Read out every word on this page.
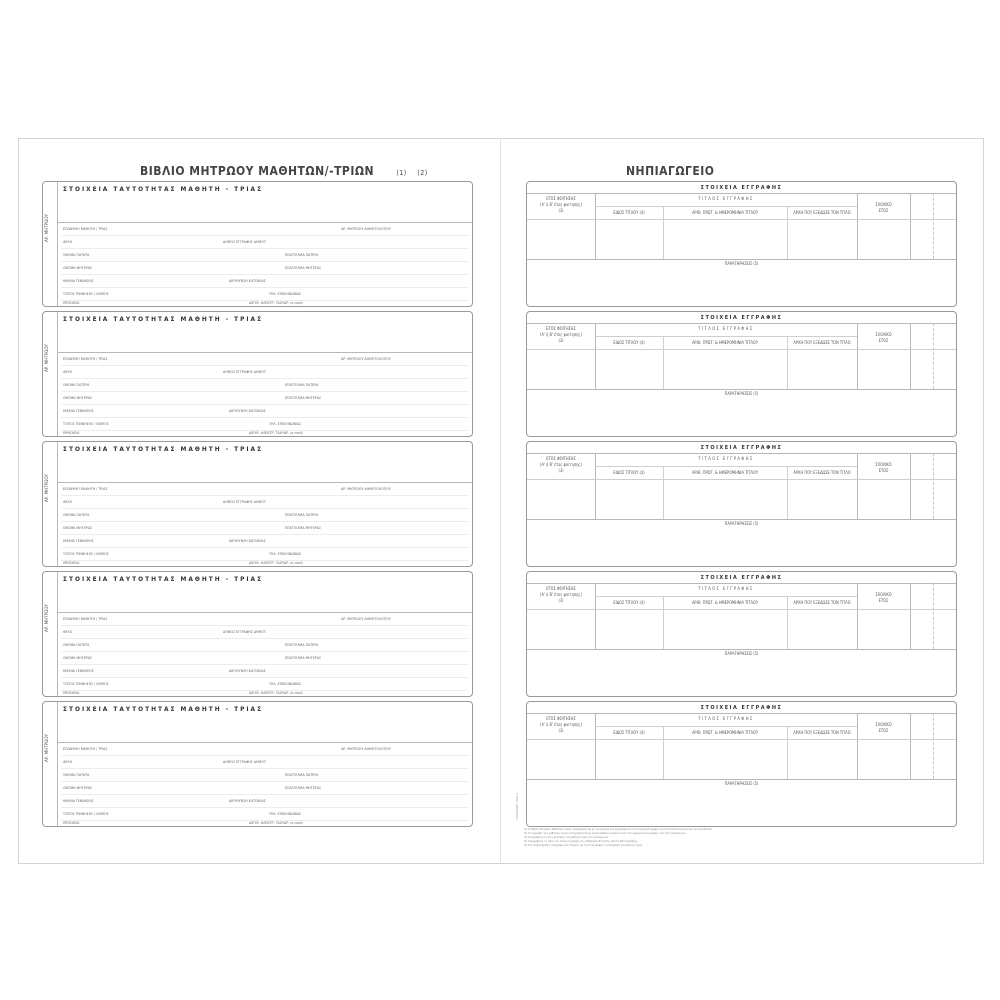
ΒΙΒΛΙΟ ΜΗΤΡΩΟΥ ΜΑΘΗΤΩΝ/-ΤΡΙΩΝ	(1) (2)	ΝΗΠΙΑΓΩΓΕΙΟ
ΑΡ. ΜΗΤΡΩΟΥ
ΣΤΟΙΧΕΙΑ ΤΑΥΤΟΤΗΤΑΣ ΜΑΘΗΤΗ - ΤΡΙΑΣ
ΕΠΩΝΥΜΟ ΜΑΘΗΤΗ / ΤΡΙΑΣ	ΑΡ. ΜΗΤΡΩΟΥ ΔΗΜΟΤΟΛΟΓΙΟΥ
ΦΥΛΟ	ΔΗΜΟΣ ΕΓΓΡΑΦΗΣ ΔΗΜΟΤ.
ΟΝΟΜΑ ΠΑΤΕΡΑ	ΕΠΑΓΓΕΛΜΑ ΠΑΤΕΡΑ
ΟΝΟΜΑ ΜΗΤΕΡΑΣ	ΕΠΑΓΓΕΛΜΑ ΜΗΤΕΡΑΣ
ΗΜ/ΝΙΑ ΓΕΝΝΗΣΗΣ	ΔΙΕΥΘΥΝΣΗ ΚΑΤΟΙΚΙΑΣ
ΤΟΠΟΣ ΓΕΝΝΗΣΗΣ / ΝΟΜΟΣ	ΤΗΛ. ΕΠΙΚΟΙΝΩΝΙΑΣ
ΘΡΗΣΚΕΙΑ	ΔΙΕΥΘ. ΗΛΕΚΤΡ. ΤΑΧΥΔΡ. (e-mail)
ΑΡ. ΜΗΤΡΩΟΥ
ΣΤΟΙΧΕΙΑ ΤΑΥΤΟΤΗΤΑΣ ΜΑΘΗΤΗ - ΤΡΙΑΣ
ΕΠΩΝΥΜΟ ΜΑΘΗΤΗ / ΤΡΙΑΣ	ΑΡ. ΜΗΤΡΩΟΥ ΔΗΜΟΤΟΛΟΓΙΟΥ
ΦΥΛΟ	ΔΗΜΟΣ ΕΓΓΡΑΦΗΣ ΔΗΜΟΤ.
ΟΝΟΜΑ ΠΑΤΕΡΑ	ΕΠΑΓΓΕΛΜΑ ΠΑΤΕΡΑ
ΟΝΟΜΑ ΜΗΤΕΡΑΣ	ΕΠΑΓΓΕΛΜΑ ΜΗΤΕΡΑΣ
ΗΜ/ΝΙΑ ΓΕΝΝΗΣΗΣ	ΔΙΕΥΘΥΝΣΗ ΚΑΤΟΙΚΙΑΣ
ΤΟΠΟΣ ΓΕΝΝΗΣΗΣ / ΝΟΜΟΣ	ΤΗΛ. ΕΠΙΚΟΙΝΩΝΙΑΣ
ΘΡΗΣΚΕΙΑ	ΔΙΕΥΘ. ΗΛΕΚΤΡ. ΤΑΧΥΔΡ. (e-mail)
ΑΡ. ΜΗΤΡΩΟΥ
ΣΤΟΙΧΕΙΑ ΤΑΥΤΟΤΗΤΑΣ ΜΑΘΗΤΗ - ΤΡΙΑΣ
ΕΠΩΝΥΜΟ ΜΑΘΗΤΗ / ΤΡΙΑΣ	ΑΡ. ΜΗΤΡΩΟΥ ΔΗΜΟΤΟΛΟΓΙΟΥ
ΦΥΛΟ	ΔΗΜΟΣ ΕΓΓΡΑΦΗΣ ΔΗΜΟΤ.
ΟΝΟΜΑ ΠΑΤΕΡΑ	ΕΠΑΓΓΕΛΜΑ ΠΑΤΕΡΑ
ΟΝΟΜΑ ΜΗΤΕΡΑΣ	ΕΠΑΓΓΕΛΜΑ ΜΗΤΕΡΑΣ
ΗΜ/ΝΙΑ ΓΕΝΝΗΣΗΣ	ΔΙΕΥΘΥΝΣΗ ΚΑΤΟΙΚΙΑΣ
ΤΟΠΟΣ ΓΕΝΝΗΣΗΣ / ΝΟΜΟΣ	ΤΗΛ. ΕΠΙΚΟΙΝΩΝΙΑΣ
ΘΡΗΣΚΕΙΑ	ΔΙΕΥΘ. ΗΛΕΚΤΡ. ΤΑΧΥΔΡ. (e-mail)
ΑΡ. ΜΗΤΡΩΟΥ
ΣΤΟΙΧΕΙΑ ΤΑΥΤΟΤΗΤΑΣ ΜΑΘΗΤΗ - ΤΡΙΑΣ
ΕΠΩΝΥΜΟ ΜΑΘΗΤΗ / ΤΡΙΑΣ	ΑΡ. ΜΗΤΡΩΟΥ ΔΗΜΟΤΟΛΟΓΙΟΥ
ΦΥΛΟ	ΔΗΜΟΣ ΕΓΓΡΑΦΗΣ ΔΗΜΟΤ.
ΟΝΟΜΑ ΠΑΤΕΡΑ	ΕΠΑΓΓΕΛΜΑ ΠΑΤΕΡΑ
ΟΝΟΜΑ ΜΗΤΕΡΑΣ	ΕΠΑΓΓΕΛΜΑ ΜΗΤΕΡΑΣ
ΗΜ/ΝΙΑ ΓΕΝΝΗΣΗΣ	ΔΙΕΥΘΥΝΣΗ ΚΑΤΟΙΚΙΑΣ
ΤΟΠΟΣ ΓΕΝΝΗΣΗΣ / ΝΟΜΟΣ	ΤΗΛ. ΕΠΙΚΟΙΝΩΝΙΑΣ
ΘΡΗΣΚΕΙΑ	ΔΙΕΥΘ. ΗΛΕΚΤΡ. ΤΑΧΥΔΡ. (e-mail)
ΑΡ. ΜΗΤΡΩΟΥ
ΣΤΟΙΧΕΙΑ ΤΑΥΤΟΤΗΤΑΣ ΜΑΘΗΤΗ - ΤΡΙΑΣ
ΕΠΩΝΥΜΟ ΜΑΘΗΤΗ / ΤΡΙΑΣ	ΑΡ. ΜΗΤΡΩΟΥ ΔΗΜΟΤΟΛΟΓΙΟΥ
ΦΥΛΟ	ΔΗΜΟΣ ΕΓΓΡΑΦΗΣ ΔΗΜΟΤ.
ΟΝΟΜΑ ΠΑΤΕΡΑ	ΕΠΑΓΓΕΛΜΑ ΠΑΤΕΡΑ
ΟΝΟΜΑ ΜΗΤΕΡΑΣ	ΕΠΑΓΓΕΛΜΑ ΜΗΤΕΡΑΣ
ΗΜ/ΝΙΑ ΓΕΝΝΗΣΗΣ	ΔΙΕΥΘΥΝΣΗ ΚΑΤΟΙΚΙΑΣ
ΤΟΠΟΣ ΓΕΝΝΗΣΗΣ / ΝΟΜΟΣ	ΤΗΛ. ΕΠΙΚΟΙΝΩΝΙΑΣ
ΘΡΗΣΚΕΙΑ	ΔΙΕΥΘ. ΗΛΕΚΤΡ. ΤΑΧΥΔΡ. (e-mail)
ΣΤΟΙΧΕΙΑ ΕΓΓΡΑΦΗΣ
ΕΤΟΣ ΦΟΙΤΗΣΗΣ
(Α' ή Β' έτος φοίτησης)
(3)
ΤΙΤΛΟΣ ΕΓΓΡΑΦΗΣ
ΕΙΔΟΣ ΤΙΤΛΟΥ (4)	ΑΡΙΘ. ΠΡΩΤ. & ΗΜΕΡΟΜΗΝΙΑ ΤΙΤΛΟΥ	ΑΡΧΗ ΠΟΥ ΕΞΕΔΩΣΕ ΤΟΝ ΤΙΤΛΟ
ΣΧΟΛΙΚΟ
ΕΤΟΣ
ΠΑΡΑΤΗΡΗΣΕΙΣ (5)
ΣΤΟΙΧΕΙΑ ΕΓΓΡΑΦΗΣ
ΕΤΟΣ ΦΟΙΤΗΣΗΣ
(Α' ή Β' έτος φοίτησης)
(3)
ΤΙΤΛΟΣ ΕΓΓΡΑΦΗΣ
ΕΙΔΟΣ ΤΙΤΛΟΥ (4)	ΑΡΙΘ. ΠΡΩΤ. & ΗΜΕΡΟΜΗΝΙΑ ΤΙΤΛΟΥ	ΑΡΧΗ ΠΟΥ ΕΞΕΔΩΣΕ ΤΟΝ ΤΙΤΛΟ
ΣΧΟΛΙΚΟ
ΕΤΟΣ
ΠΑΡΑΤΗΡΗΣΕΙΣ (5)
ΣΤΟΙΧΕΙΑ ΕΓΓΡΑΦΗΣ
ΕΤΟΣ ΦΟΙΤΗΣΗΣ
(Α' ή Β' έτος φοίτησης)
(3)
ΤΙΤΛΟΣ ΕΓΓΡΑΦΗΣ
ΕΙΔΟΣ ΤΙΤΛΟΥ (4)	ΑΡΙΘ. ΠΡΩΤ. & ΗΜΕΡΟΜΗΝΙΑ ΤΙΤΛΟΥ	ΑΡΧΗ ΠΟΥ ΕΞΕΔΩΣΕ ΤΟΝ ΤΙΤΛΟ
ΣΧΟΛΙΚΟ
ΕΤΟΣ
ΠΑΡΑΤΗΡΗΣΕΙΣ (5)
ΣΤΟΙΧΕΙΑ ΕΓΓΡΑΦΗΣ
ΕΤΟΣ ΦΟΙΤΗΣΗΣ
(Α' ή Β' έτος φοίτησης)
(3)
ΤΙΤΛΟΣ ΕΓΓΡΑΦΗΣ
ΕΙΔΟΣ ΤΙΤΛΟΥ (4)	ΑΡΙΘ. ΠΡΩΤ. & ΗΜΕΡΟΜΗΝΙΑ ΤΙΤΛΟΥ	ΑΡΧΗ ΠΟΥ ΕΞΕΔΩΣΕ ΤΟΝ ΤΙΤΛΟ
ΣΧΟΛΙΚΟ
ΕΤΟΣ
ΠΑΡΑΤΗΡΗΣΕΙΣ (5)
ΣΤΟΙΧΕΙΑ ΕΓΓΡΑΦΗΣ
ΕΤΟΣ ΦΟΙΤΗΣΗΣ
(Α' ή Β' έτος φοίτησης)
(3)
ΤΙΤΛΟΣ ΕΓΓΡΑΦΗΣ
ΕΙΔΟΣ ΤΙΤΛΟΥ (4)	ΑΡΙΘ. ΠΡΩΤ. & ΗΜΕΡΟΜΗΝΙΑ ΤΙΤΛΟΥ	ΑΡΧΗ ΠΟΥ ΕΞΕΔΩΣΕ ΤΟΝ ΤΙΤΛΟ
ΣΧΟΛΙΚΟ
ΕΤΟΣ
ΠΑΡΑΤΗΡΗΣΕΙΣ (5)
ΥΠΟΒΑΛΛΕΙ - ΕΚΔ. 1
(1) Το Βιβλίο Μητρώου Μαθητών/-τριών, συμπληρώνεται με τα στοιχεία που αναγράφονται στη Δήλωση Εγγραφής και στα δικαιολογητικά που την συνοδεύουν.
(2) Οι εγγραφές των μαθητών/-τριών καταχωρίζονται με σειρά αριθμού μητρώου κατά την ημερομηνία εγγραφής τους στο νηπιαγωγείο.
(3) Αναγράφεται το έτος φοίτησης του μαθητή/-τριας στο νηπιαγωγείο.
(4) Αναγράφεται το είδος του τίτλου εγγραφής (π.χ. Βεβαίωση Φοίτησης, Δελτίο Μετεγγραφής).
(5) Στις παρατηρήσεις αναγράφονται στοιχεία για τη μετεγγραφή ή τη διαγραφή του μαθητή/-τριας.
